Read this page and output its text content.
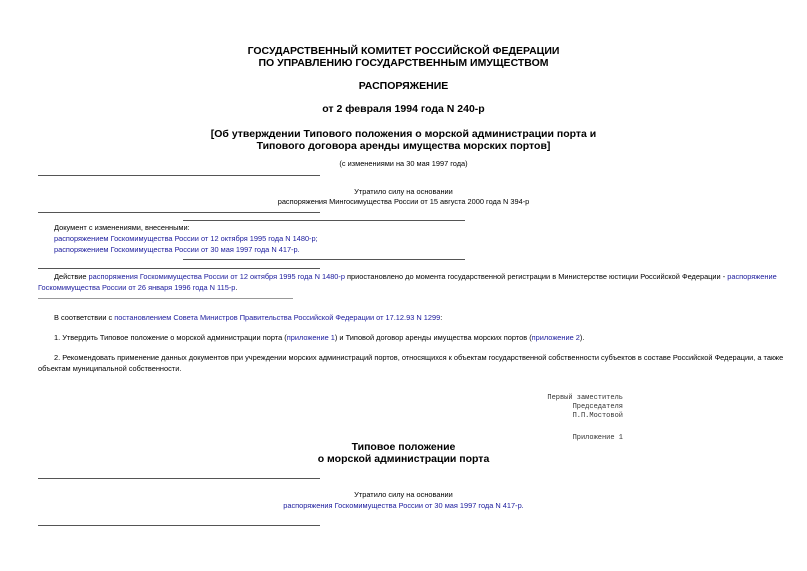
ГОСУДАРСТВЕННЫЙ КОМИТЕТ РОССИЙСКОЙ ФЕДЕРАЦИИ
ПО УПРАВЛЕНИЮ ГОСУДАРСТВЕННЫМ ИМУЩЕСТВОМ
РАСПОРЯЖЕНИЕ
от 2 февраля 1994 года N 240-р
[Об утверждении Типового положения о морской администрации порта и
Типового договора аренды имущества морских портов]
(с изменениями на 30 мая 1997 года)
Утратило силу на основании
распоряжения Мингосимущества России от 15 августа 2000 года N 394-р
Документ с изменениями, внесенными:
распоряжением Госкомимущества России от 12 октября 1995 года N 1480-р;
распоряжением Госкомимущества России от 30 мая 1997 года N 417-р.
Действие распоряжения Госкомимущества России от 12 октября 1995 года N 1480-р приостановлено до момента государственной регистрации в Министерстве юстиции Российской Федерации - распоряжение
Госкомимущества России от 26 января 1996 года N 115-р.
В соответствии с постановлением Совета Министров Правительства Российской Федерации от 17.12.93 N 1299:
1. Утвердить Типовое положение о морской администрации порта (приложение 1) и Типовой договор аренды имущества морских портов (приложение 2).
2. Рекомендовать применение данных документов при учреждении морских администраций портов, относящихся к объектам государственной собственности субъектов в составе Российской Федерации, а также
объектам муниципальной собственности.
Первый заместитель
Председателя
П.П.Мостовой
Приложение 1
Типовое положение
о морской администрации порта
Утратило силу на основании
распоряжения Госкомимущества России от 30 мая 1997 года N 417-р.
